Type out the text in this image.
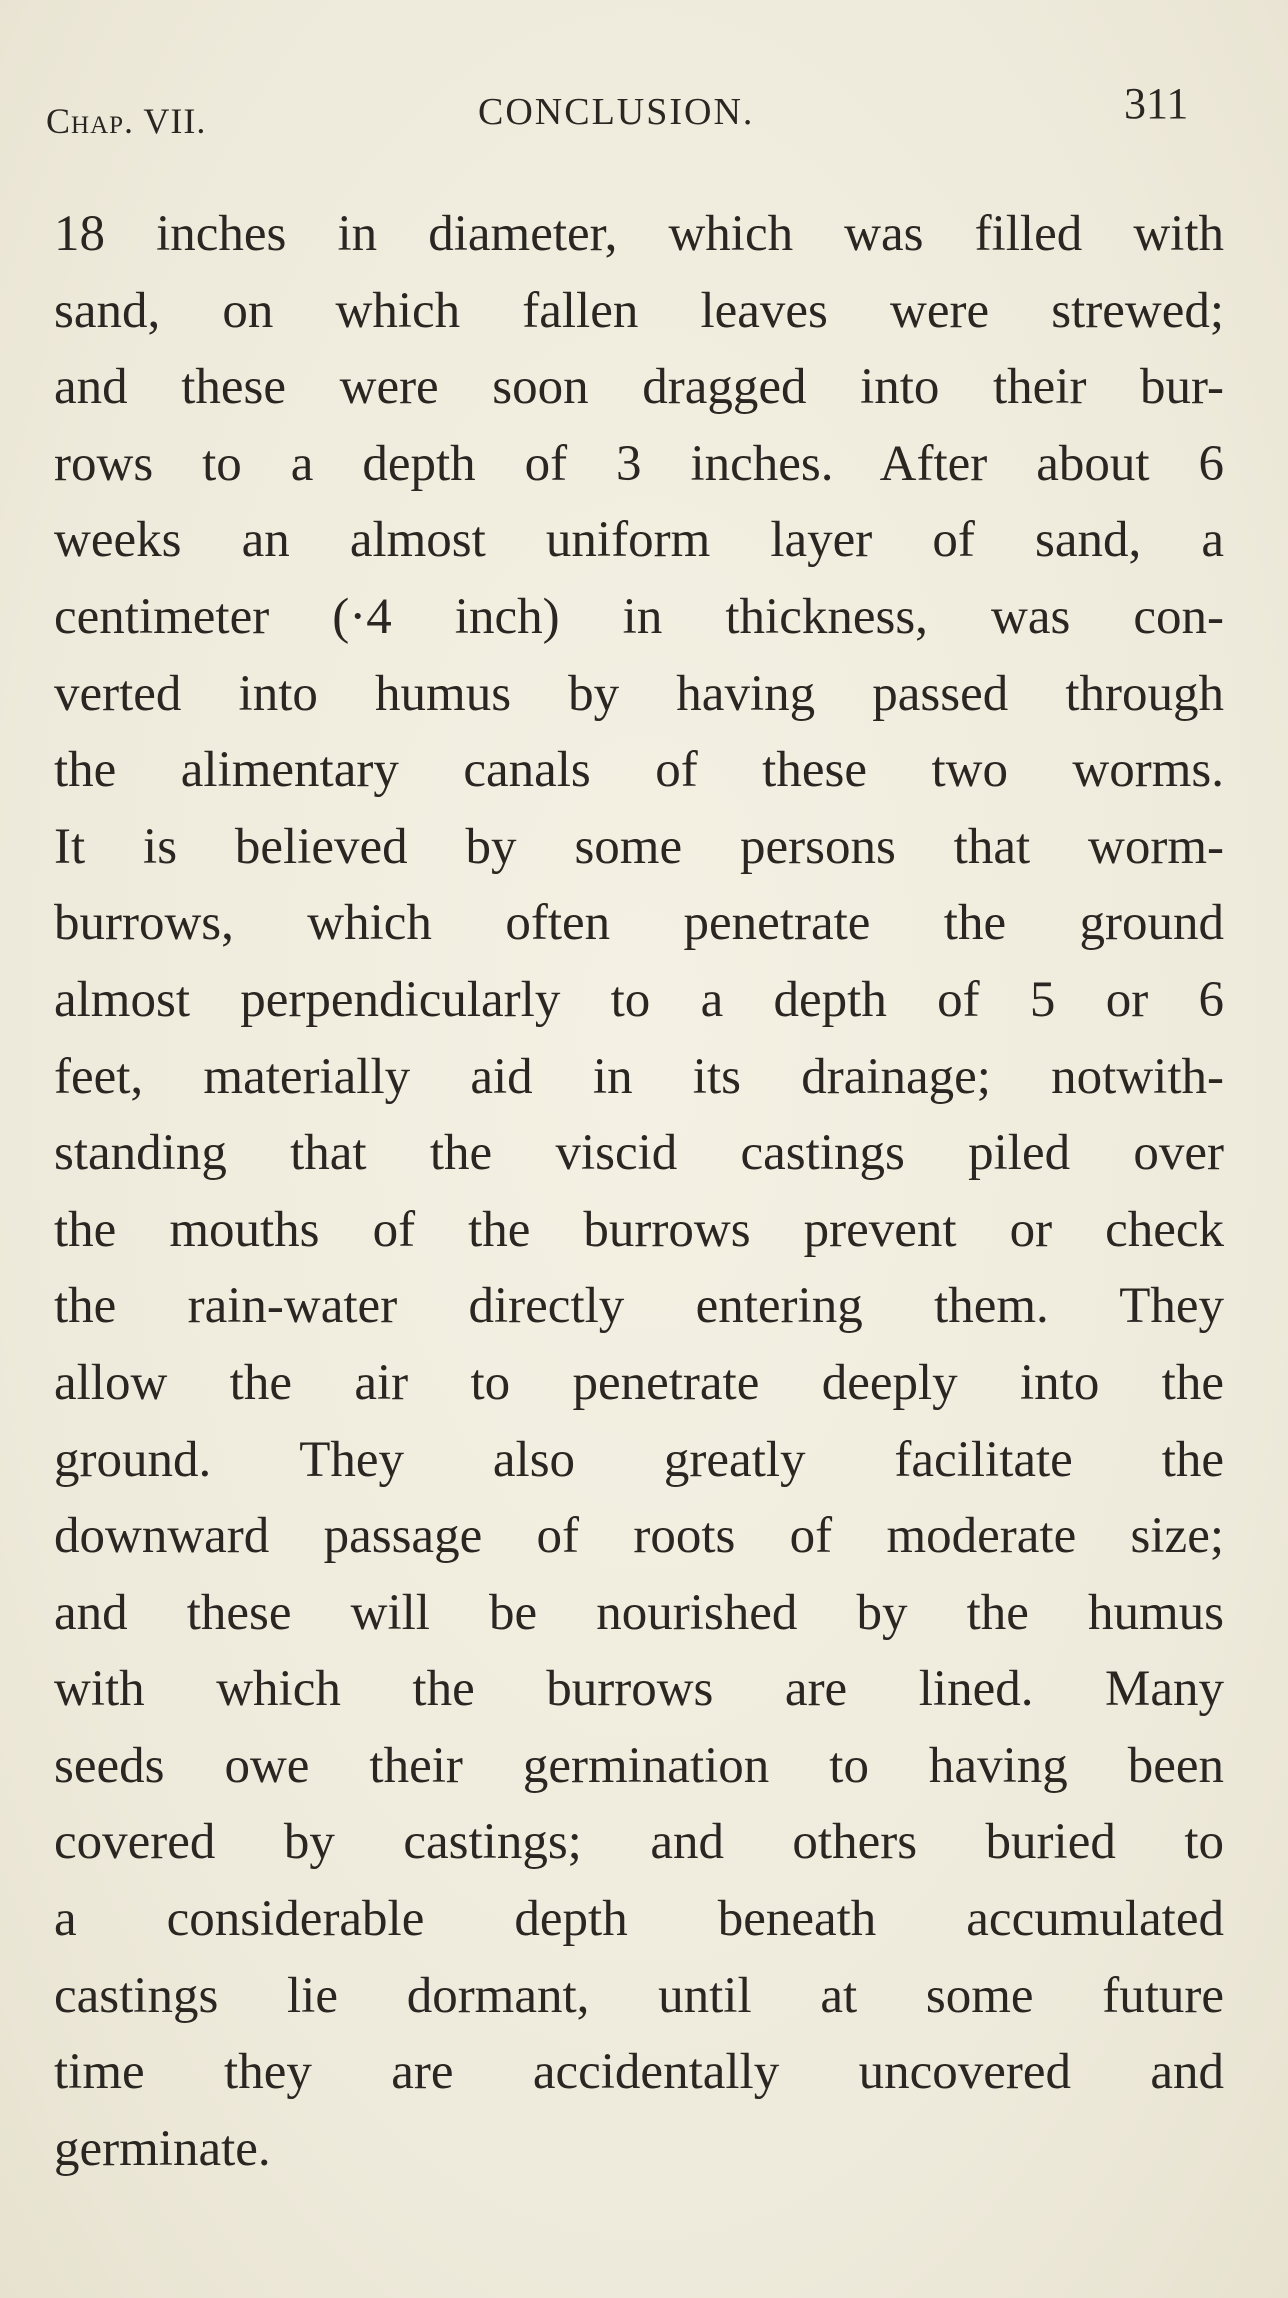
Chap. VII.	CONCLUSION.	311
18 inches in diameter, which was filled with
sand, on which fallen leaves were strewed;
and these were soon dragged into their bur-
rows to a depth of 3 inches. After about 6
weeks an almost uniform layer of sand, a
centimeter (·4 inch) in thickness, was con-
verted into humus by having passed through
the alimentary canals of these two worms.
It is believed by some persons that worm-
burrows, which often penetrate the ground
almost perpendicularly to a depth of 5 or 6
feet, materially aid in its drainage; notwith-
standing that the viscid castings piled over
the mouths of the burrows prevent or check
the rain-water directly entering them. They
allow the air to penetrate deeply into the
ground. They also greatly facilitate the
downward passage of roots of moderate size;
and these will be nourished by the humus
with which the burrows are lined. Many
seeds owe their germination to having been
covered by castings; and others buried to
a considerable depth beneath accumulated
castings lie dormant, until at some future
time they are accidentally uncovered and
germinate.
